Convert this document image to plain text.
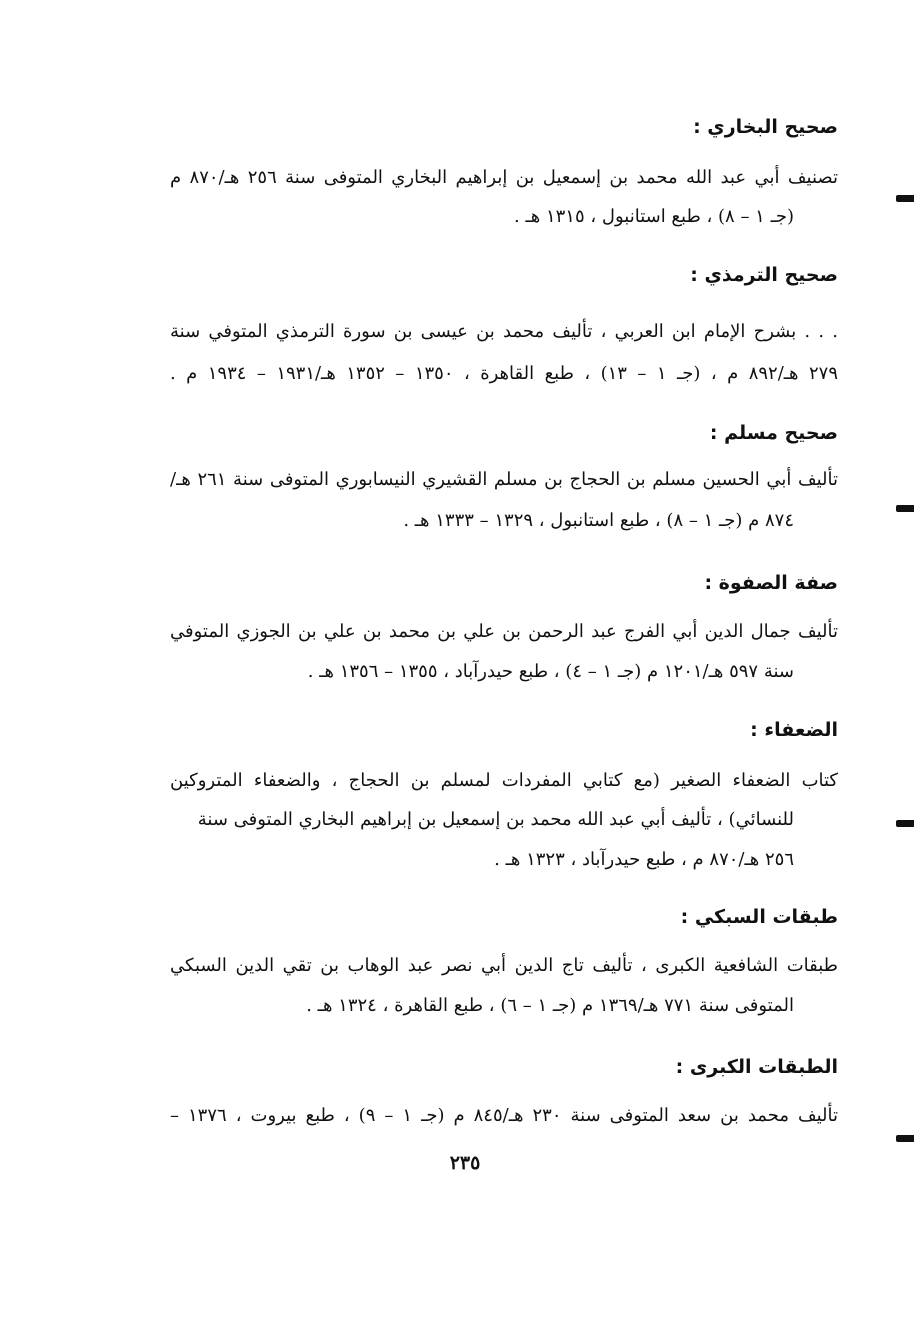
صحيح البخاري :

تصنيف أبي عبد الله محمد بن إسمعيل بن إبراهيم البخاري المتوفى سنة ٢٥٦ هـ/٨٧٠ م

(جـ ١ – ٨) ، طبع استانبول ، ١٣١٥ هـ .

صحيح الترمذي :

. . . بشرح الإمام ابن العربي ، تأليف محمد بن عيسى بن سورة الترمذي المتوفي سنة

٢٧٩ هـ/٨٩٢ م ، (جـ ١ – ١٣) ، طبع القاهرة ، ١٣٥٠ – ١٣٥٢ هـ/١٩٣١ – ١٩٣٤ م .

صحيح مسلم :

تأليف أبي الحسين مسلم بن الحجاج بن مسلم القشيري النيسابوري المتوفى سنة ٢٦١ هـ/

٨٧٤ م (جـ ١ – ٨) ، طبع استانبول ، ١٣٢٩ – ١٣٣٣ هـ .

صفة الصفوة :

تأليف جمال الدين أبي الفرج عبد الرحمن بن علي بن محمد بن علي بن الجوزي المتوفي

سنة ٥٩٧ هـ/١٢٠١ م (جـ ١ – ٤) ، طبع حيدرآباد ، ١٣٥٥ – ١٣٥٦ هـ .

الضعفاء :

كتاب الضعفاء الصغير (مع كتابي المفردات لمسلم بن الحجاج ، والضعفاء المتروكين

للنسائي) ، تأليف أبي عبد الله محمد بن إسمعيل بن إبراهيم البخاري المتوفى سنة

٢٥٦ هـ/٨٧٠ م ، طبع حيدرآباد ، ١٣٢٣ هـ .

طبقات السبكي :

طبقات الشافعية الكبرى ، تأليف تاج الدين أبي نصر عبد الوهاب بن تقي الدين السبكي

المتوفى سنة ٧٧١ هـ/١٣٦٩ م (جـ ١ – ٦) ، طبع القاهرة ، ١٣٢٤ هـ .

الطبقات الكبرى :

تأليف محمد بن سعد المتوفى سنة ٢٣٠ هـ/٨٤٥ م (جـ ١ – ٩) ، طبع بيروت ، ١٣٧٦ –

٢٣٥
